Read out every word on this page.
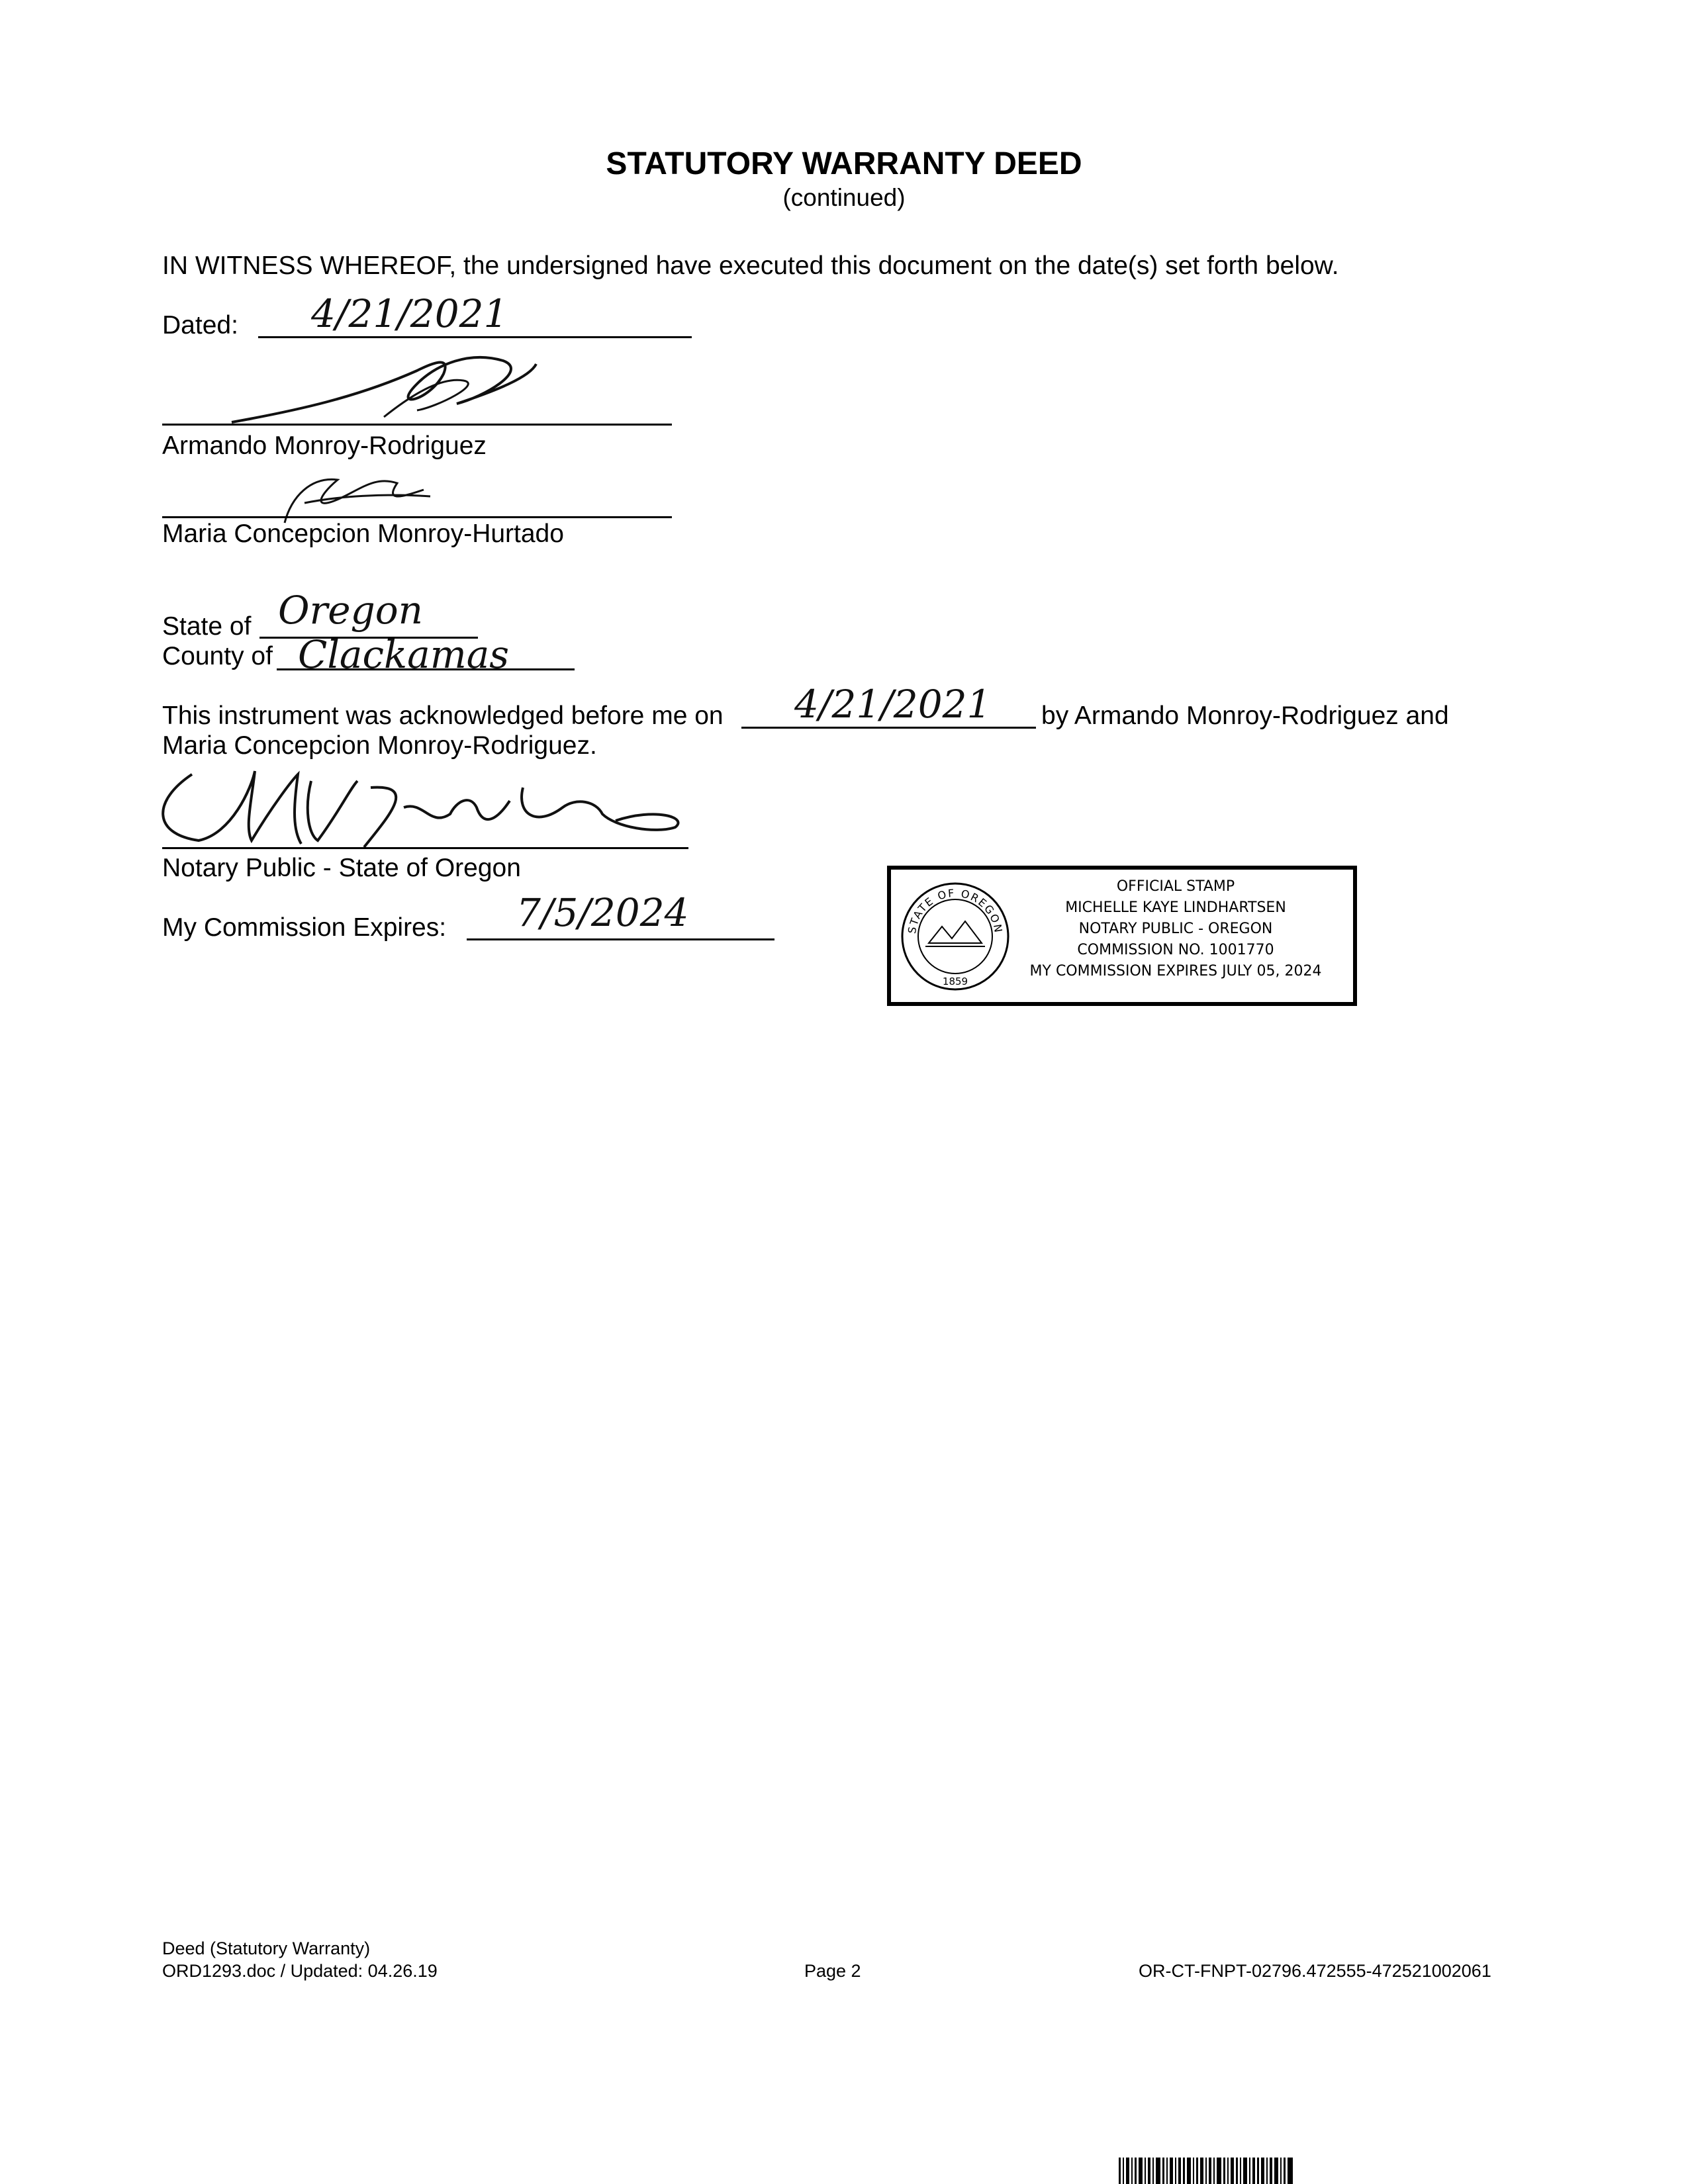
STATUTORY WARRANTY DEED
(continued)
IN WITNESS WHEREOF, the undersigned have executed this document on the date(s) set forth below.
Dated: 4/21/2021
Armando Monroy-Rodriguez
Maria Concepcion Monroy-Hurtado
State of Oregon
County of Clackamas
This instrument was acknowledged before me on 4/21/2021 by Armando Monroy-Rodriguez and
Maria Concepcion Monroy-Rodriguez.
Notary Public - State of Oregon
My Commission Expires: 7/5/2024	STATE OF OREGON
1859
OFFICIAL STAMP
MICHELLE KAYE LINDHARTSEN
NOTARY PUBLIC - OREGON
COMMISSION NO. 1001770
MY COMMISSION EXPIRES JULY 05, 2024
Deed (Statutory Warranty)
ORD1293.doc / Updated: 04.26.19	Page 2	OR-CT-FNPT-02796.472555-472521002061
